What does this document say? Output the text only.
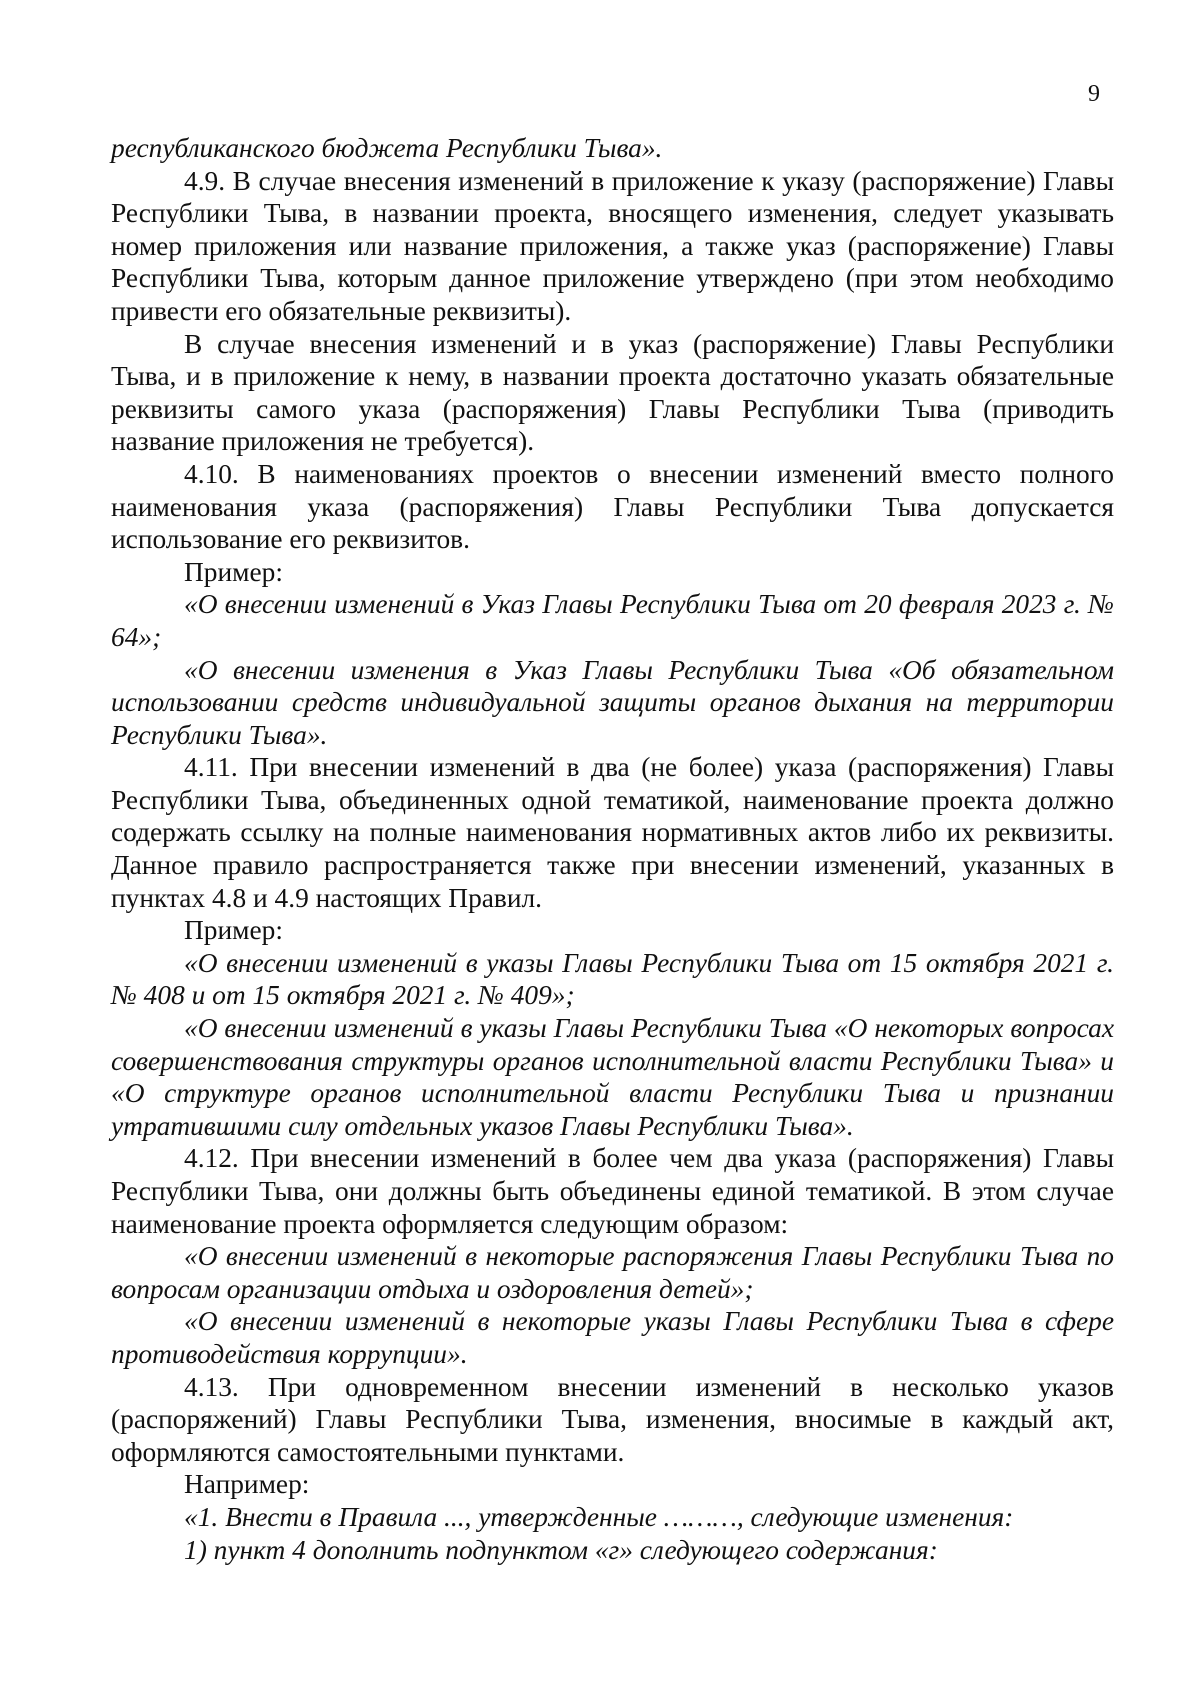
9

республиканского бюджета Республики Тыва».

4.9. В случае внесения изменений в приложение к указу (распоряжение) Главы Республики Тыва, в названии проекта, вносящего изменения, следует указывать номер приложения или название приложения, а также указ (распоряжение) Главы Республики Тыва, которым данное приложение утверждено (при этом необходимо привести его обязательные реквизиты).

В случае внесения изменений и в указ (распоряжение) Главы Республики Тыва, и в приложение к нему, в названии проекта достаточно указать обязательные реквизиты самого указа (распоряжения) Главы Республики Тыва (приводить название приложения не требуется).

4.10. В наименованиях проектов о внесении изменений вместо полного наименования указа (распоряжения) Главы Республики Тыва допускается использование его реквизитов.

Пример:

«О внесении изменений в Указ Главы Республики Тыва от 20 февраля 2023 г. № 64»;

«О внесении изменения в Указ Главы Республики Тыва «Об обязательном использовании средств индивидуальной защиты органов дыхания на территории Республики Тыва».

4.11. При внесении изменений в два (не более) указа (распоряжения) Главы Республики Тыва, объединенных одной тематикой, наименование проекта должно содержать ссылку на полные наименования нормативных актов либо их реквизиты. Данное правило распространяется также при внесении изменений, указанных в пунктах 4.8 и 4.9 настоящих Правил.

Пример:

«О внесении изменений в указы Главы Республики Тыва от 15 октября 2021 г. № 408 и от 15 октября 2021 г. № 409»;

«О внесении изменений в указы Главы Республики Тыва «О некоторых вопросах совершенствования структуры органов исполнительной власти Республики Тыва» и «О структуре органов исполнительной власти Республики Тыва и признании утратившими силу отдельных указов Главы Республики Тыва».

4.12. При внесении изменений в более чем два указа (распоряжения) Главы Республики Тыва, они должны быть объединены единой тематикой. В этом случае наименование проекта оформляется следующим образом:

«О внесении изменений в некоторые распоряжения Главы Республики Тыва по вопросам организации отдыха и оздоровления детей»;

«О внесении изменений в некоторые указы Главы Республики Тыва в сфере противодействия коррупции».

4.13. При одновременном внесении изменений в несколько указов (распоряжений) Главы Республики Тыва, изменения, вносимые в каждый акт, оформляются самостоятельными пунктами.

Например:

«1. Внести в Правила ..., утвержденные ………, следующие изменения:

1) пункт 4 дополнить подпунктом «г» следующего содержания:
